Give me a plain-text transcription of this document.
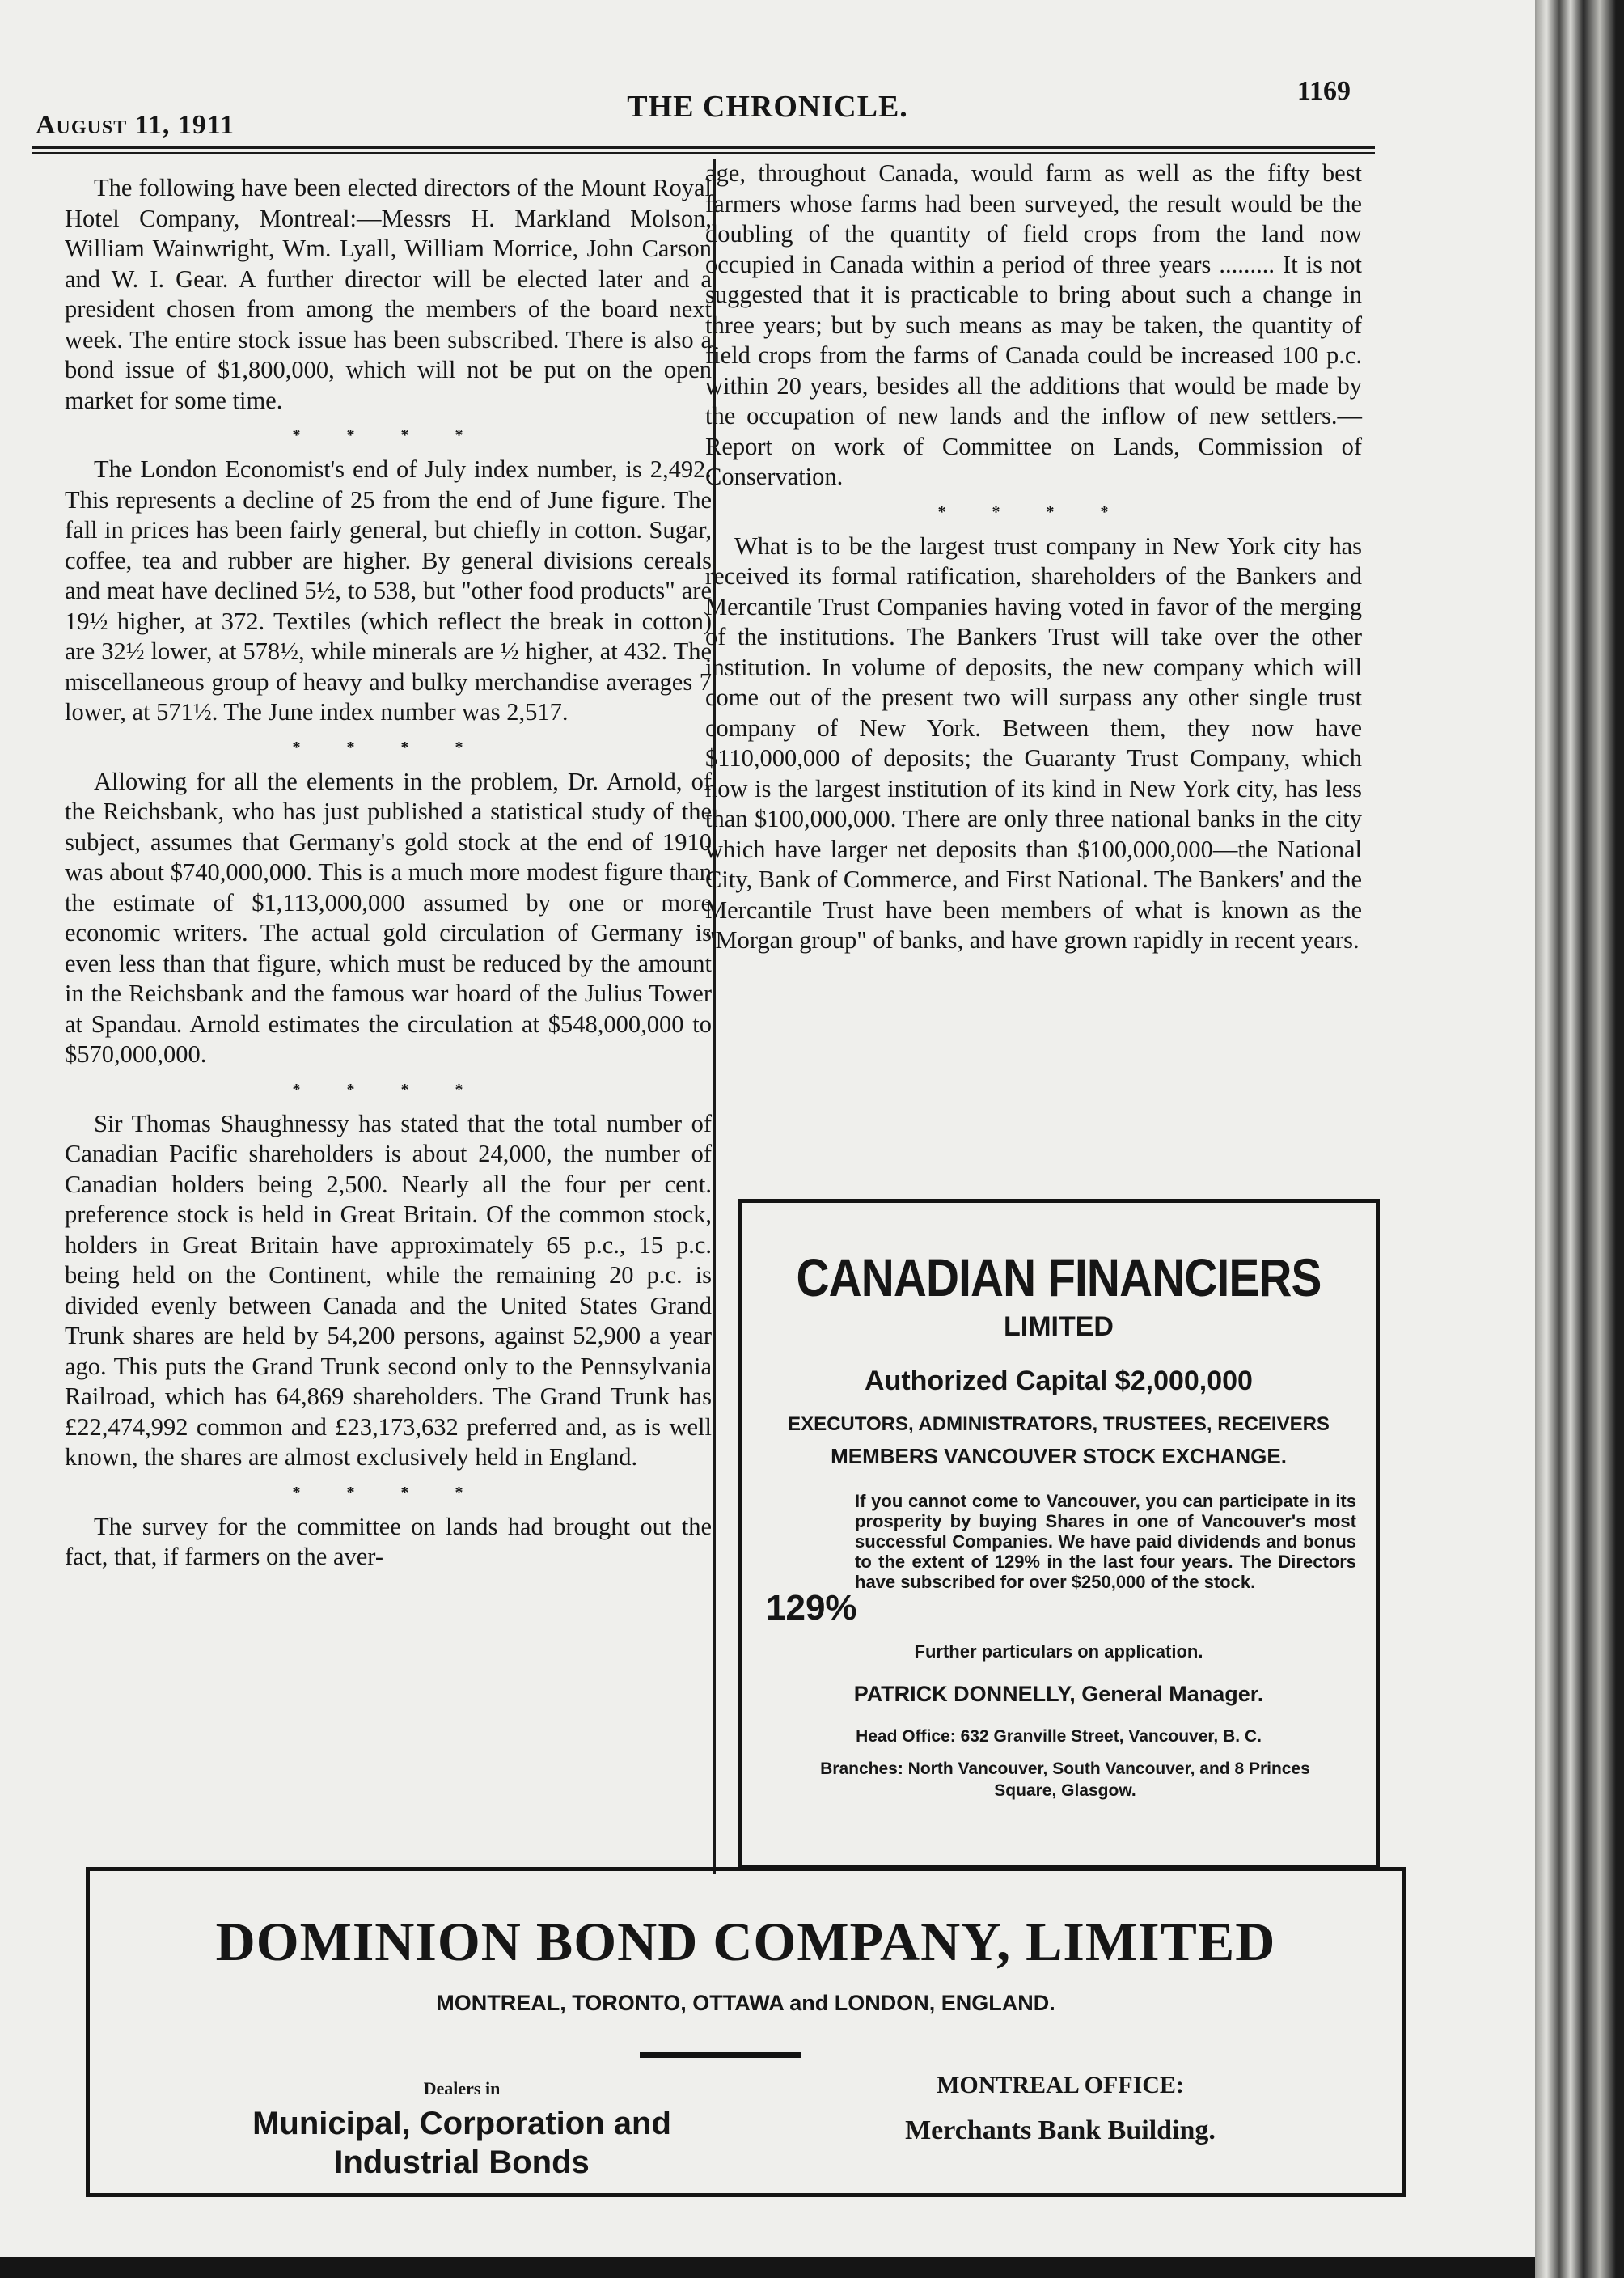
August 11, 1911
THE CHRONICLE.	1169

The following have been elected directors of the Mount Royal Hotel Company, Montreal:—Messrs H. Markland Molson, William Wainwright, Wm. Lyall, William Morrice, John Carson and W. I. Gear. A further director will be elected later and a president chosen from among the members of the board next week. The entire stock issue has been subscribed. There is also a bond issue of $1,800,000, which will not be put on the open market for some time.

* * * *

The London Economist's end of July index number, is 2,492. This represents a decline of 25 from the end of June figure. The fall in prices has been fairly general, but chiefly in cotton. Sugar, coffee, tea and rubber are higher. By general divisions cereals and meat have declined 5½, to 538, but "other food products" are 19½ higher, at 372. Textiles (which reflect the break in cotton) are 32½ lower, at 578½, while minerals are ½ higher, at 432. The miscellaneous group of heavy and bulky merchandise averages 7 lower, at 571½. The June index number was 2,517.

* * * *

Allowing for all the elements in the problem, Dr. Arnold, of the Reichsbank, who has just published a statistical study of the subject, assumes that Germany's gold stock at the end of 1910 was about $740,000,000. This is a much more modest figure than the estimate of $1,113,000,000 assumed by one or more economic writers. The actual gold circulation of Germany is even less than that figure, which must be reduced by the amount in the Reichsbank and the famous war hoard of the Julius Tower at Spandau. Arnold estimates the circulation at $548,000,000 to $570,000,000.

* * * *

Sir Thomas Shaughnessy has stated that the total number of Canadian Pacific shareholders is about 24,000, the number of Canadian holders being 2,500. Nearly all the four per cent. preference stock is held in Great Britain. Of the common stock, holders in Great Britain have approximately 65 p.c., 15 p.c. being held on the Continent, while the remaining 20 p.c. is divided evenly between Canada and the United States Grand Trunk shares are held by 54,200 persons, against 52,900 a year ago. This puts the Grand Trunk second only to the Pennsylvania Railroad, which has 64,869 shareholders. The Grand Trunk has £22,474,992 common and £23,173,632 preferred and, as is well known, the shares are almost exclusively held in England.

* * * *

The survey for the committee on lands had brought out the fact, that, if farmers on the aver-

age, throughout Canada, would farm as well as the fifty best farmers whose farms had been surveyed, the result would be the doubling of the quantity of field crops from the land now occupied in Canada within a period of three years ......... It is not suggested that it is practicable to bring about such a change in three years; but by such means as may be taken, the quantity of field crops from the farms of Canada could be increased 100 p.c. within 20 years, besides all the additions that would be made by the occupation of new lands and the inflow of new settlers.—Report on work of Committee on Lands, Commission of Conservation.

* * * *

What is to be the largest trust company in New York city has received its formal ratification, shareholders of the Bankers and Mercantile Trust Companies having voted in favor of the merging of the institutions. The Bankers Trust will take over the other institution. In volume of deposits, the new company which will come out of the present two will surpass any other single trust company of New York. Between them, they now have $110,000,000 of deposits; the Guaranty Trust Company, which now is the largest institution of its kind in New York city, has less than $100,000,000. There are only three national banks in the city which have larger net deposits than $100,000,000—the National City, Bank of Commerce, and First National. The Bankers' and the Mercantile Trust have been members of what is known as the "Morgan group" of banks, and have grown rapidly in recent years.

CANADIAN FINANCIERS
LIMITED
Authorized Capital $2,000,000
EXECUTORS, ADMINISTRATORS, TRUSTEES, RECEIVERS
MEMBERS VANCOUVER STOCK EXCHANGE.
129%
If you cannot come to Vancouver, you can participate in its prosperity by buying Shares in one of Vancouver's most successful Companies. We have paid dividends and bonus to the extent of 129% in the last four years. The Directors have subscribed for over $250,000 of the stock.
Further particulars on application.
PATRICK DONNELLY, General Manager.
Head Office: 632 Granville Street, Vancouver, B. C.
Branches: North Vancouver, South Vancouver, and 8 Princes Square, Glasgow.
DOMINION BOND COMPANY, LIMITED
MONTREAL, TORONTO, OTTAWA and LONDON, ENGLAND.
Dealers in
Municipal, Corporation and Industrial Bonds
MONTREAL OFFICE:
Merchants Bank Building.
